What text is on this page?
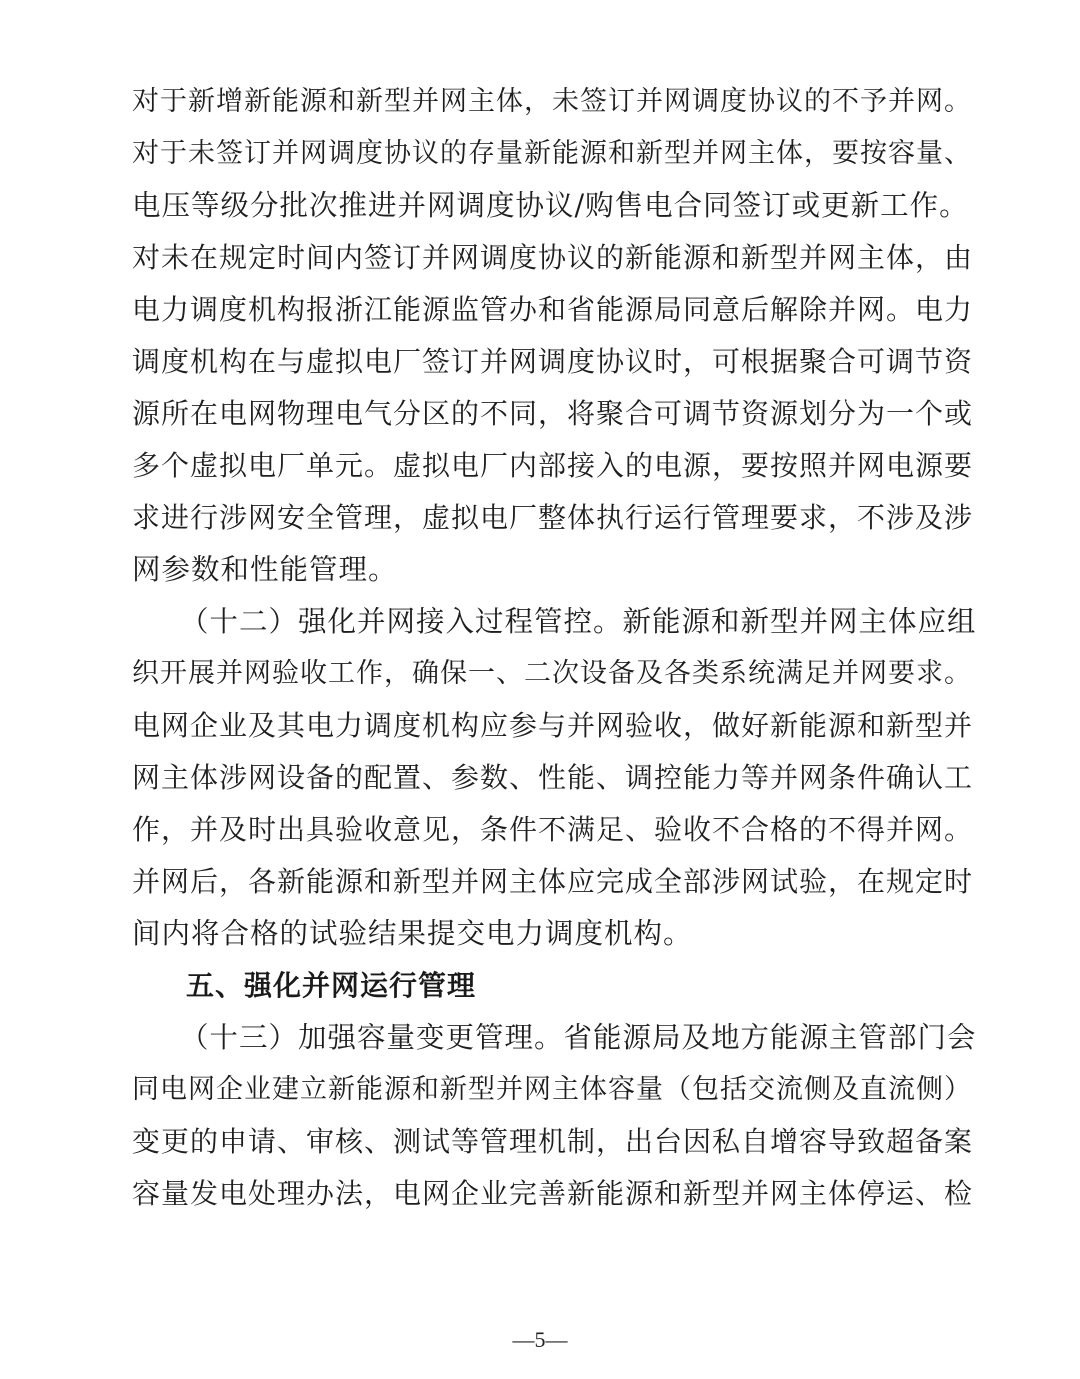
对于新增新能源和新型并网主体，未签订并网调度协议的不予并网。
对于未签订并网调度协议的存量新能源和新型并网主体，要按容量、
电压等级分批次推进并网调度协议/购售电合同签订或更新工作。
对未在规定时间内签订并网调度协议的新能源和新型并网主体，由
电力调度机构报浙江能源监管办和省能源局同意后解除并网。电力
调度机构在与虚拟电厂签订并网调度协议时，可根据聚合可调节资
源所在电网物理电气分区的不同，将聚合可调节资源划分为一个或
多个虚拟电厂单元。虚拟电厂内部接入的电源，要按照并网电源要
求进行涉网安全管理，虚拟电厂整体执行运行管理要求，不涉及涉
网参数和性能管理。
（十二）强化并网接入过程管控。新能源和新型并网主体应组
织开展并网验收工作，确保一、二次设备及各类系统满足并网要求。
电网企业及其电力调度机构应参与并网验收，做好新能源和新型并
网主体涉网设备的配置、参数、性能、调控能力等并网条件确认工
作，并及时出具验收意见，条件不满足、验收不合格的不得并网。
并网后，各新能源和新型并网主体应完成全部涉网试验，在规定时
间内将合格的试验结果提交电力调度机构。
五、强化并网运行管理
（十三）加强容量变更管理。省能源局及地方能源主管部门会
同电网企业建立新能源和新型并网主体容量（包括交流侧及直流侧）
变更的申请、审核、测试等管理机制，出台因私自增容导致超备案
容量发电处理办法，电网企业完善新能源和新型并网主体停运、检
—5—
